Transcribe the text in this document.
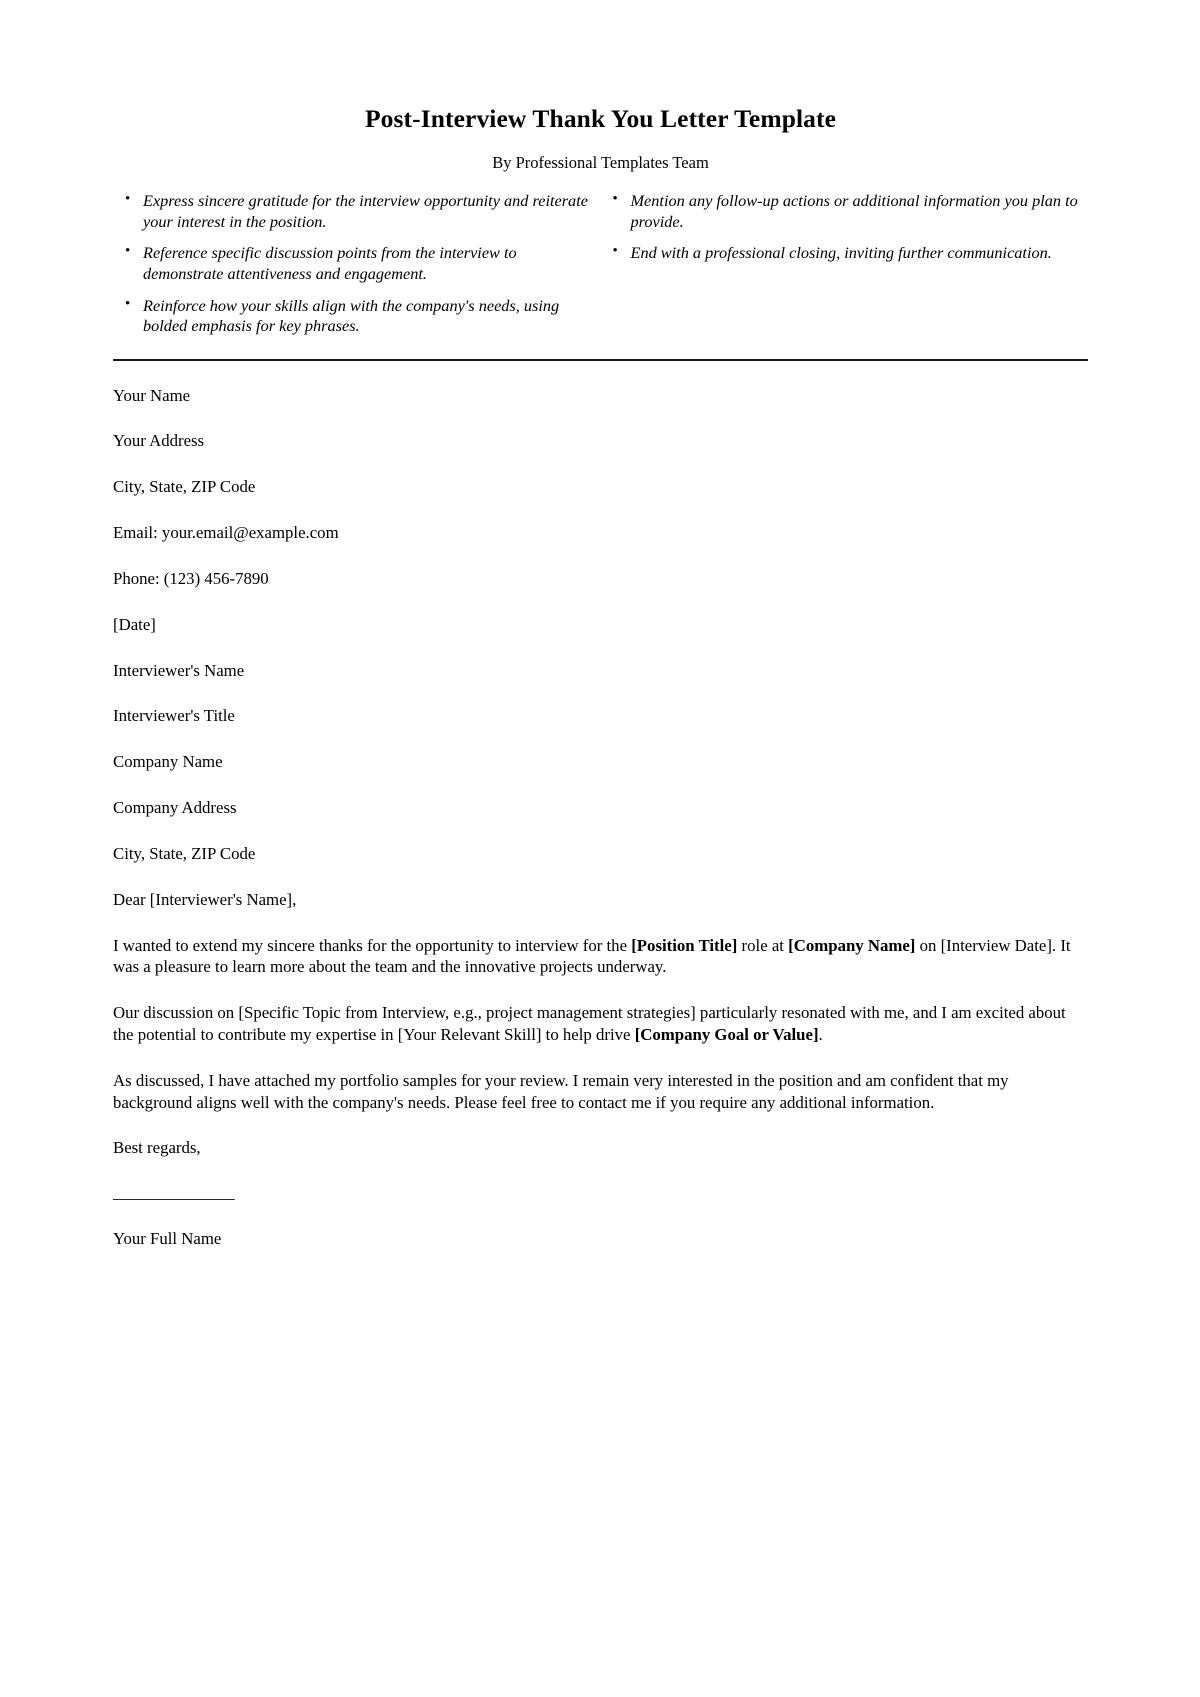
Post-Interview Thank You Letter Template
By Professional Templates Team
• Express sincere gratitude for the interview opportunity and reiterate your interest in the position.
• Reference specific discussion points from the interview to demonstrate attentiveness and engagement.
• Reinforce how your skills align with the company's needs, using bolded emphasis for key phrases.
• Mention any follow-up actions or additional information you plan to provide.
• End with a professional closing, inviting further communication.

Your Name

Your Address

City, State, ZIP Code

Email: your.email@example.com

Phone: (123) 456-7890

[Date]

Interviewer's Name

Interviewer's Title

Company Name

Company Address

City, State, ZIP Code

Dear [Interviewer's Name],

I wanted to extend my sincere thanks for the opportunity to interview for the [Position Title] role at [Company Name] on [Interview Date]. It was a pleasure to learn more about the team and the innovative projects underway.

Our discussion on [Specific Topic from Interview, e.g., project management strategies] particularly resonated with me, and I am excited about the potential to contribute my expertise in [Your Relevant Skill] to help drive [Company Goal or Value].

As discussed, I have attached my portfolio samples for your review. I remain very interested in the position and am confident that my background aligns well with the company's needs. Please feel free to contact me if you require any additional information.

Best regards,

_______________

Your Full Name
